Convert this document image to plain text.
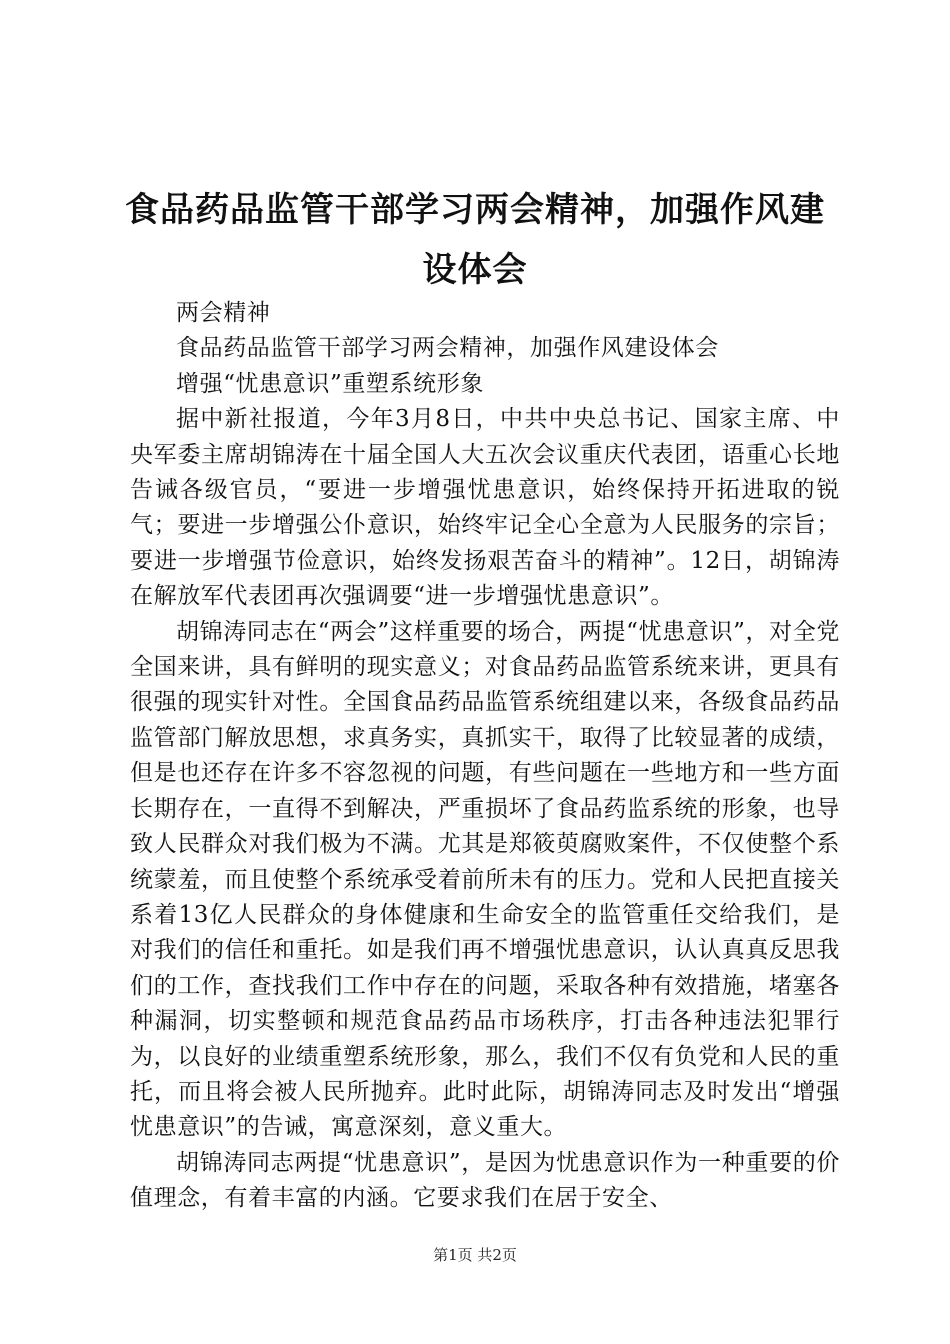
食品药品监管干部学习两会精神，加强作风建设体会

两会精神

食品药品监管干部学习两会精神，加强作风建设体会

增强“忧患意识”重塑系统形象

据中新社报道，今年3月8日，中共中央总书记、国家主席、中央军委主席胡锦涛在十届全国人大五次会议重庆代表团，语重心长地告诫各级官员，“要进一步增强忧患意识，始终保持开拓进取的锐气；要进一步增强公仆意识，始终牢记全心全意为人民服务的宗旨；要进一步增强节俭意识，始终发扬艰苦奋斗的精神”。12日，胡锦涛在解放军代表团再次强调要“进一步增强忧患意识”。

胡锦涛同志在“两会”这样重要的场合，两提“忧患意识”，对全党全国来讲，具有鲜明的现实意义；对食品药品监管系统来讲，更具有很强的现实针对性。全国食品药品监管系统组建以来，各级食品药品监管部门解放思想，求真务实，真抓实干，取得了比较显著的成绩，但是也还存在许多不容忽视的问题，有些问题在一些地方和一些方面长期存在，一直得不到解决，严重损坏了食品药监系统的形象，也导致人民群众对我们极为不满。尤其是郑筱萸腐败案件，不仅使整个系统蒙羞，而且使整个系统承受着前所未有的压力。党和人民把直接关系着13亿人民群众的身体健康和生命安全的监管重任交给我们，是对我们的信任和重托。如是我们再不增强忧患意识，认认真真反思我们的工作，查找我们工作中存在的问题，采取各种有效措施，堵塞各种漏洞，切实整顿和规范食品药品市场秩序，打击各种违法犯罪行为，以良好的业绩重塑系统形象，那么，我们不仅有负党和人民的重托，而且将会被人民所抛弃。此时此际，胡锦涛同志及时发出“增强忧患意识”的告诫，寓意深刻，意义重大。

胡锦涛同志两提“忧患意识”，是因为忧患意识作为一种重要的价值理念，有着丰富的内涵。它要求我们在居于安全、

第1页 共2页
